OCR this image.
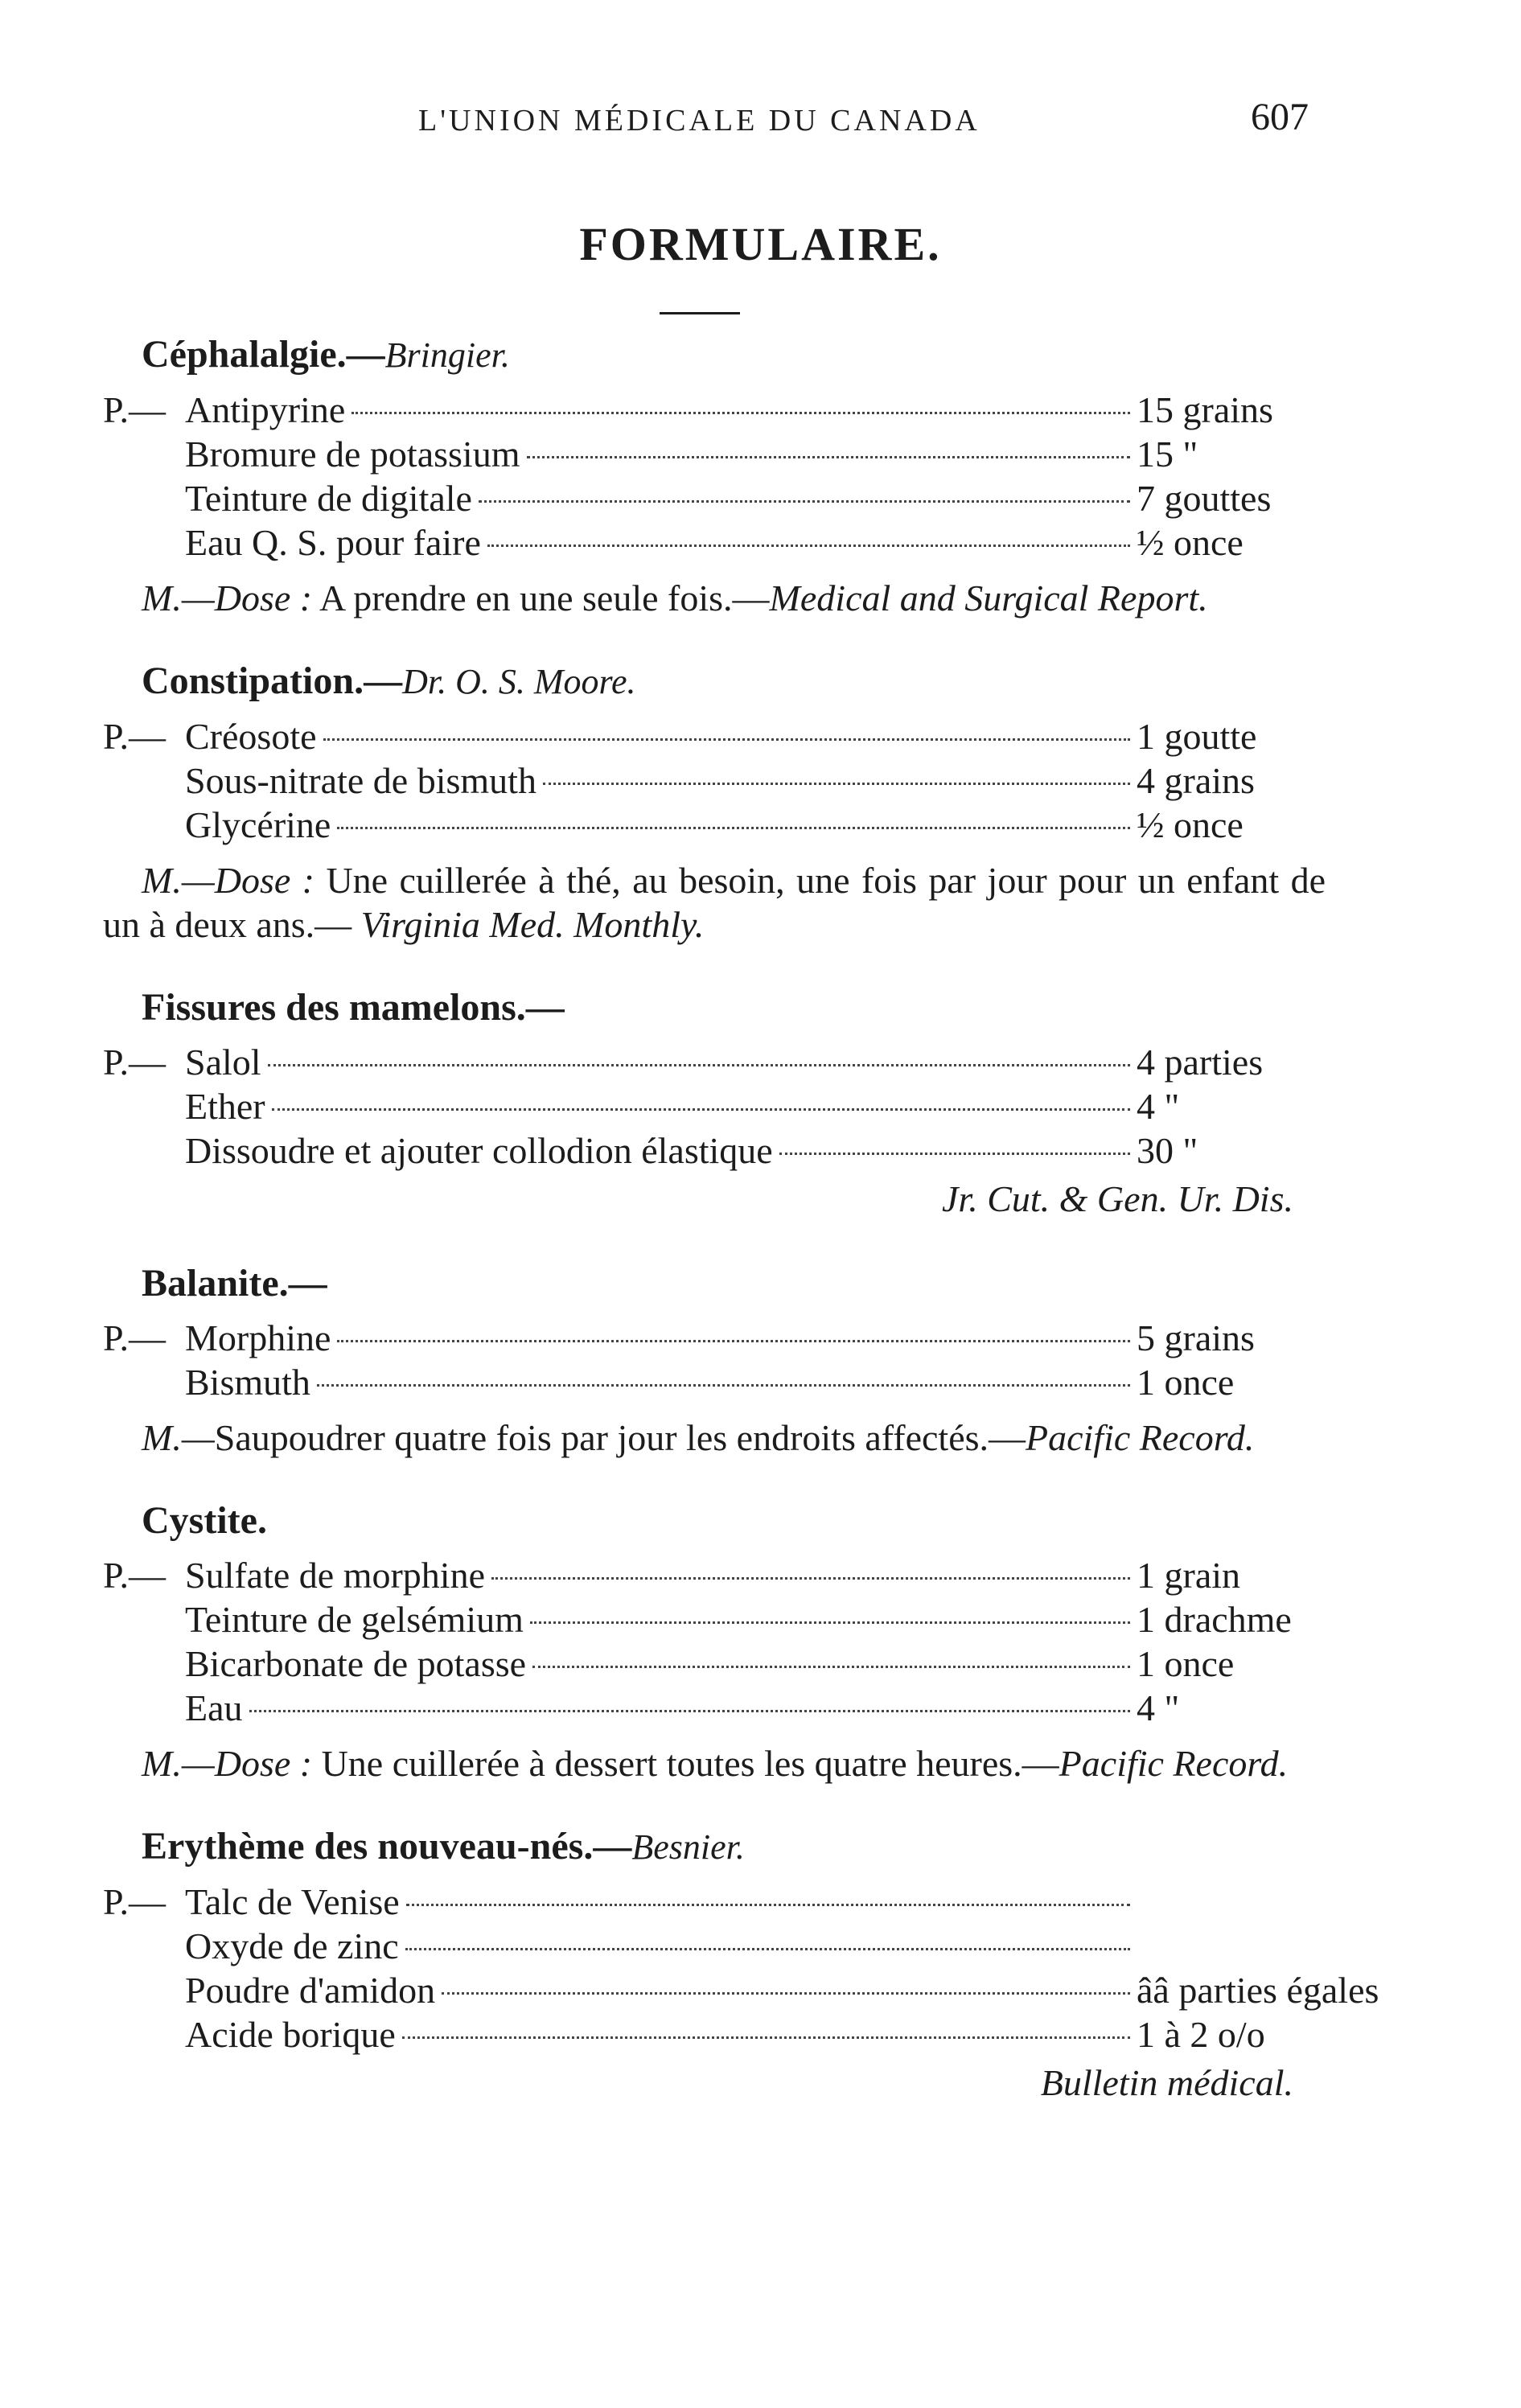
L'UNION MÉDICALE DU CANADA	607
FORMULAIRE.
Céphalalgie.—Bringier.
P.— Antipyrine	15 grains
Bromure de potassium	15 "
Teinture de digitale	7 gouttes
Eau Q. S. pour faire	½ once
M.—Dose : A prendre en une seule fois.—Medical and Surgical Report.
Constipation.—Dr. O. S. Moore.
P.— Créosote	1 goutte
Sous-nitrate de bismuth	4 grains
Glycérine	½ once
M.—Dose : Une cuillerée à thé, au besoin, une fois par jour pour un enfant de un à deux ans.— Virginia Med. Monthly.
Fissures des mamelons.—
P.— Salol	4 parties
Ether	4 "
Dissoudre et ajouter collodion élastique	30 "
Jr. Cut. & Gen. Ur. Dis.
Balanite.—
P.— Morphine	5 grains
Bismuth	1 once
M.—Saupoudrer quatre fois par jour les endroits affectés.—Pacific Record.
Cystite.
P.— Sulfate de morphine	1 grain
Teinture de gelsémium	1 drachme
Bicarbonate de potasse	1 once
Eau	4 "
M.—Dose : Une cuillerée à dessert toutes les quatre heures.—Pacific Record.
Erythème des nouveau-nés.—Besnier.
P.— Talc de Venise
Oxyde de zinc
Poudre d'amidon	ââ parties égales
Acide borique	1 à 2 o/o
Bulletin médical.
